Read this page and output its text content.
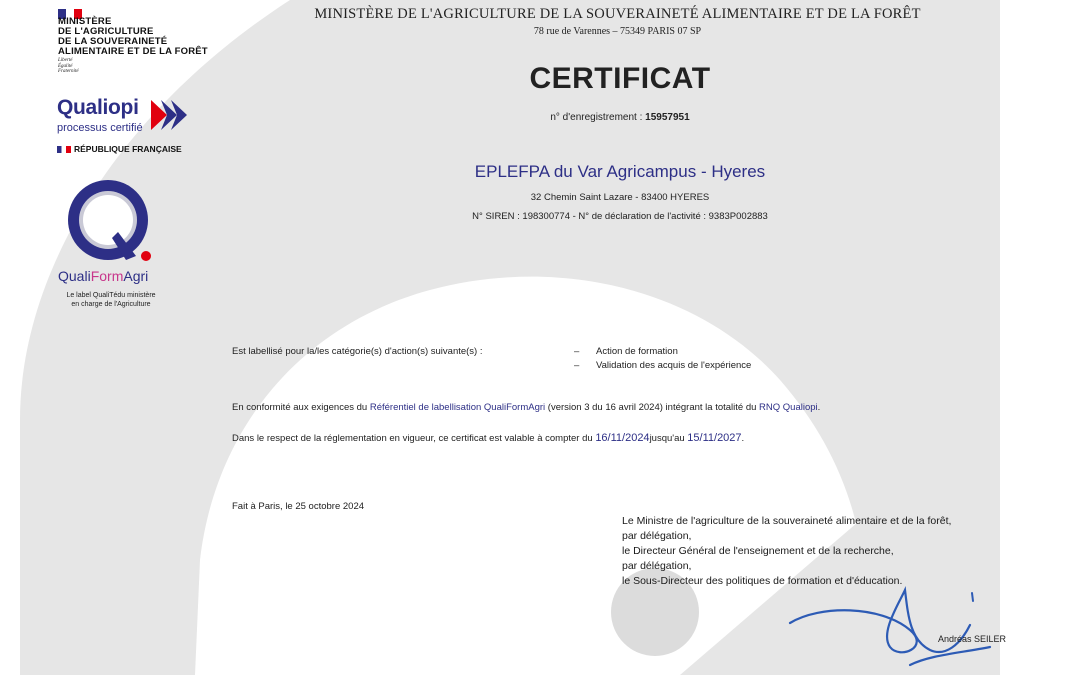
MINISTÈRE
DE L'AGRICULTURE
DE LA SOUVERAINETÉ
ALIMENTAIRE ET DE LA FORÊT
Liberté
Égalité
Fraternité
Qualiopi
processus certifié
RÉPUBLIQUE FRANÇAISE
QualiFormAgri
Le label QualiTédu ministère
en charge de l'Agriculture
MINISTÈRE DE L'AGRICULTURE DE LA SOUVERAINETÉ ALIMENTAIRE ET DE LA FORÊT
78 rue de Varennes – 75349 PARIS 07 SP
CERTIFICAT
n° d'enregistrement : 15957951
EPLEFPA du Var Agricampus - Hyeres
32 Chemin Saint Lazare - 83400 HYERES
N° SIREN : 198300774 - N° de déclaration de l'activité : 9383P002883
Est labellisé pour la/les catégorie(s) d'action(s) suivante(s) :	– Action de formation
– Validation des acquis de l'expérience
En conformité aux exigences du Référentiel de labellisation QualiFormAgri (version 3 du 16 avril 2024) intégrant la totalité du RNQ Qualiopi.
Dans le respect de la réglementation en vigueur, ce certificat est valable à compter du 16/11/2024jusqu'au 15/11/2027.
Fait à Paris, le 25 octobre 2024
Le Ministre de l'agriculture de la souveraineté alimentaire et de la forêt,
par délégation,
le Directeur Général de l'enseignement et de la recherche,
par délégation,
le Sous-Directeur des politiques de formation et d'éducation.
Andréas SEILER
